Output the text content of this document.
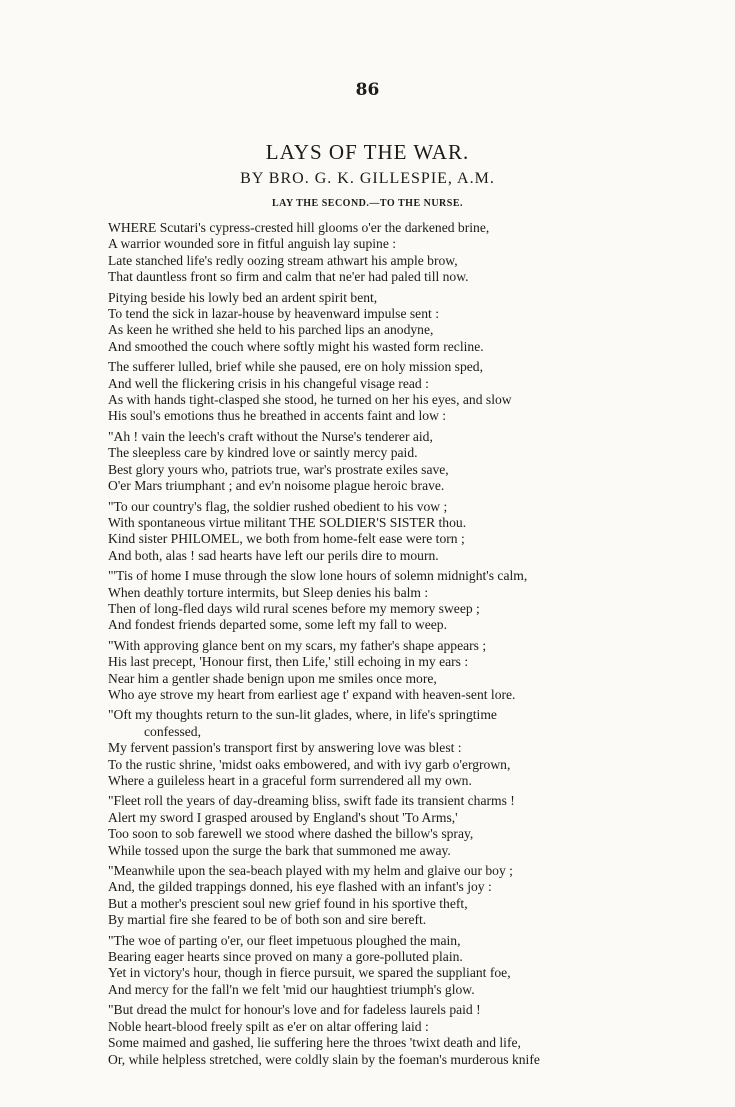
86
LAYS OF THE WAR.
BY BRO. G. K. GILLESPIE, A.M.
LAY THE SECOND.—TO THE NURSE.
WHERE Scutari's cypress-crested hill glooms o'er the darkened brine,
A warrior wounded sore in fitful anguish lay supine :
Late stanched life's redly oozing stream athwart his ample brow,
That dauntless front so firm and calm that ne'er had paled till now.
Pitying beside his lowly bed an ardent spirit bent,
To tend the sick in lazar-house by heavenward impulse sent :
As keen he writhed she held to his parched lips an anodyne,
And smoothed the couch where softly might his wasted form recline.
The sufferer lulled, brief while she paused, ere on holy mission sped,
And well the flickering crisis in his changeful visage read :
As with hands tight-clasped she stood, he turned on her his eyes, and slow
His soul's emotions thus he breathed in accents faint and low :
"Ah ! vain the leech's craft without the Nurse's tenderer aid,
The sleepless care by kindred love or saintly mercy paid.
Best glory yours who, patriots true, war's prostrate exiles save,
O'er Mars triumphant ; and ev'n noisome plague heroic brave.
"To our country's flag, the soldier rushed obedient to his vow ;
With spontaneous virtue militant THE SOLDIER'S SISTER thou.
Kind sister PHILOMEL, we both from home-felt ease were torn ;
And both, alas ! sad hearts have left our perils dire to mourn.
"'Tis of home I muse through the slow lone hours of solemn midnight's calm,
When deathly torture intermits, but Sleep denies his balm :
Then of long-fled days wild rural scenes before my memory sweep ;
And fondest friends departed some, some left my fall to weep.
"With approving glance bent on my scars, my father's shape appears ;
His last precept, 'Honour first, then Life,' still echoing in my ears :
Near him a gentler shade benign upon me smiles once more,
Who aye strove my heart from earliest age t' expand with heaven-sent lore.
"Oft my thoughts return to the sun-lit glades, where, in life's springtime
confessed,
My fervent passion's transport first by answering love was blest :
To the rustic shrine, 'midst oaks embowered, and with ivy garb o'ergrown,
Where a guileless heart in a graceful form surrendered all my own.
"Fleet roll the years of day-dreaming bliss, swift fade its transient charms !
Alert my sword I grasped aroused by England's shout 'To Arms,'
Too soon to sob farewell we stood where dashed the billow's spray,
While tossed upon the surge the bark that summoned me away.
"Meanwhile upon the sea-beach played with my helm and glaive our boy ;
And, the gilded trappings donned, his eye flashed with an infant's joy :
But a mother's prescient soul new grief found in his sportive theft,
By martial fire she feared to be of both son and sire bereft.
"The woe of parting o'er, our fleet impetuous ploughed the main,
Bearing eager hearts since proved on many a gore-polluted plain.
Yet in victory's hour, though in fierce pursuit, we spared the suppliant foe,
And mercy for the fall'n we felt 'mid our haughtiest triumph's glow.
"But dread the mulct for honour's love and for fadeless laurels paid !
Noble heart-blood freely spilt as e'er on altar offering laid :
Some maimed and gashed, lie suffering here the throes 'twixt death and life,
Or, while helpless stretched, were coldly slain by the foeman's murderous knife
